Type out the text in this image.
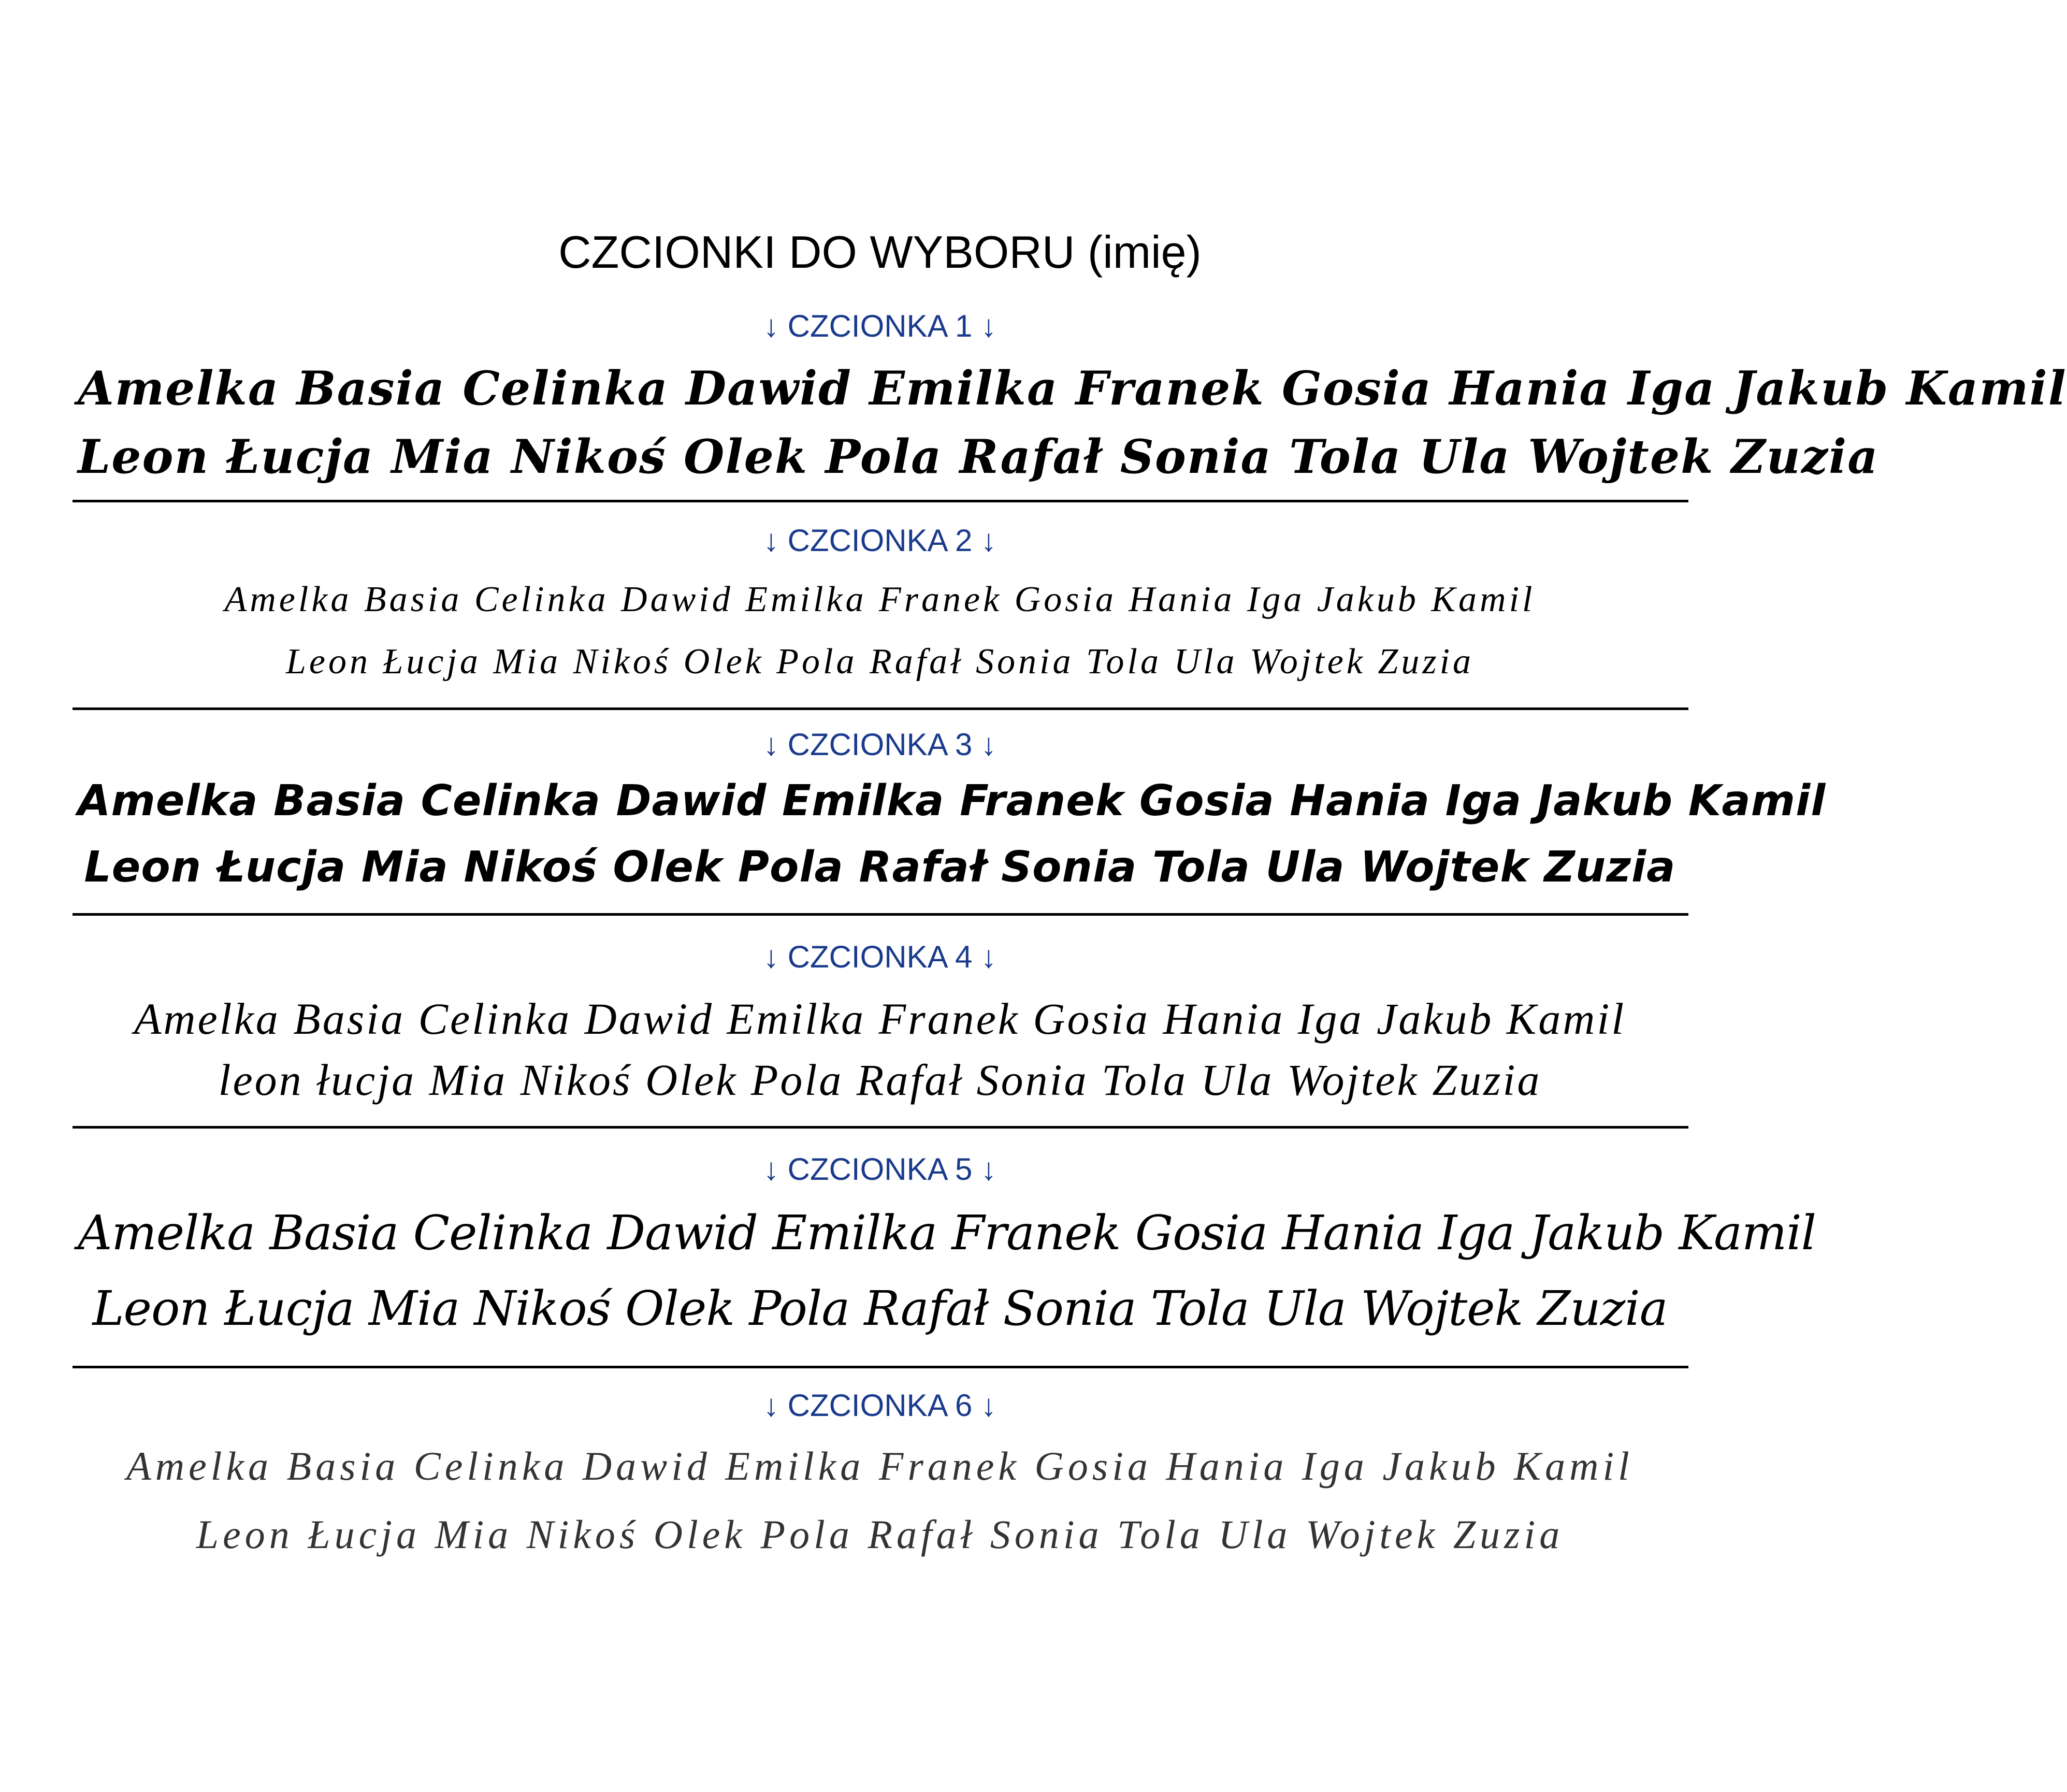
CZCIONKI DO WYBORU (imię)
↓ CZCIONKA 1 ↓
Amelka Basia Celinka Dawid Emilka Franek Gosia Hania Iga Jakub Kamil
Leon Łucja Mia Nikoś Olek Pola Rafał Sonia Tola Ula Wojtek Zuzia
↓ CZCIONKA 2 ↓
Amelka Basia Celinka Dawid Emilka Franek Gosia Hania Iga Jakub Kamil
Leon Łucja Mia Nikoś Olek Pola Rafał Sonia Tola Ula Wojtek Zuzia
↓ CZCIONKA 3 ↓
Amelka Basia Celinka Dawid Emilka Franek Gosia Hania Iga Jakub Kamil
Leon Łucja Mia Nikoś Olek Pola Rafał Sonia Tola Ula Wojtek Zuzia
↓ CZCIONKA 4 ↓
Amelka Basia Celinka Dawid Emilka Franek Gosia Hania Iga Jakub Kamil
leon łucja Mia Nikoś Olek Pola Rafał Sonia Tola Ula Wojtek Zuzia
↓ CZCIONKA 5 ↓
Amelka Basia Celinka Dawid Emilka Franek Gosia Hania Iga Jakub Kamil
Leon Łucja Mia Nikoś Olek Pola Rafał Sonia Tola Ula Wojtek Zuzia
↓ CZCIONKA 6 ↓
Amelka Basia Celinka Dawid Emilka Franek Gosia Hania Iga Jakub Kamil
Leon Łucja Mia Nikoś Olek Pola Rafał Sonia Tola Ula Wojtek Zuzia
